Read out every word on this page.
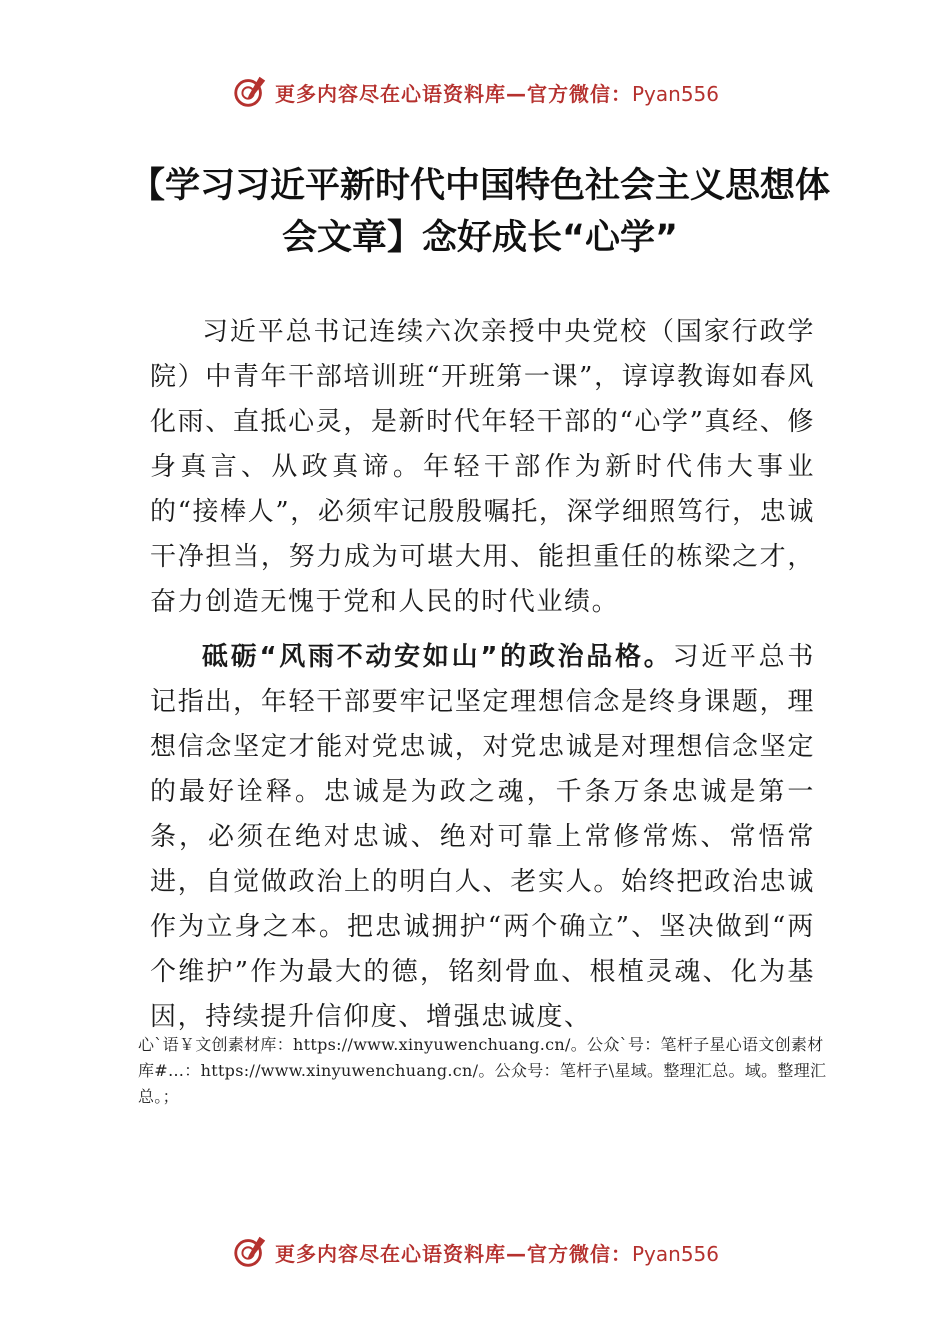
更多内容尽在心语资料库—官方微信：Pyan556
【学习习近平新时代中国特色社会主义思想体会文章】念好成长“心学”

习近平总书记连续六次亲授中央党校（国家行政学院）中青年干部培训班“开班第一课”，谆谆教诲如春风化雨、直抵心灵，是新时代年轻干部的“心学”真经、修身真言、从政真谛。年轻干部作为新时代伟大事业的“接棒人”，必须牢记殷殷嘱托，深学细照笃行，忠诚干净担当，努力成为可堪大用、能担重任的栋梁之才，奋力创造无愧于党和人民的时代业绩。

砥砺“风雨不动安如山”的政治品格。习近平总书记指出，年轻干部要牢记坚定理想信念是终身课题，理想信念坚定才能对党忠诚，对党忠诚是对理想信念坚定的最好诠释。忠诚是为政之魂，千条万条忠诚是第一条，必须在绝对忠诚、绝对可靠上常修常炼、常悟常进，自觉做政治上的明白人、老实人。始终把政治忠诚作为立身之本。把忠诚拥护“两个确立”、坚决做到“两个维护”作为最大的德，铭刻骨血、根植灵魂、化为基因，持续提升信仰度、增强忠诚度、

心`语￥文创素材库：https://www.xinyuwenchuang.cn/。公众`号：笔杆子星心语文创素材库#…：https://www.xinyuwenchuang.cn/。公众号：笔杆子\星域。整理汇总。域。整理汇总。；
更多内容尽在心语资料库—官方微信：Pyan556
